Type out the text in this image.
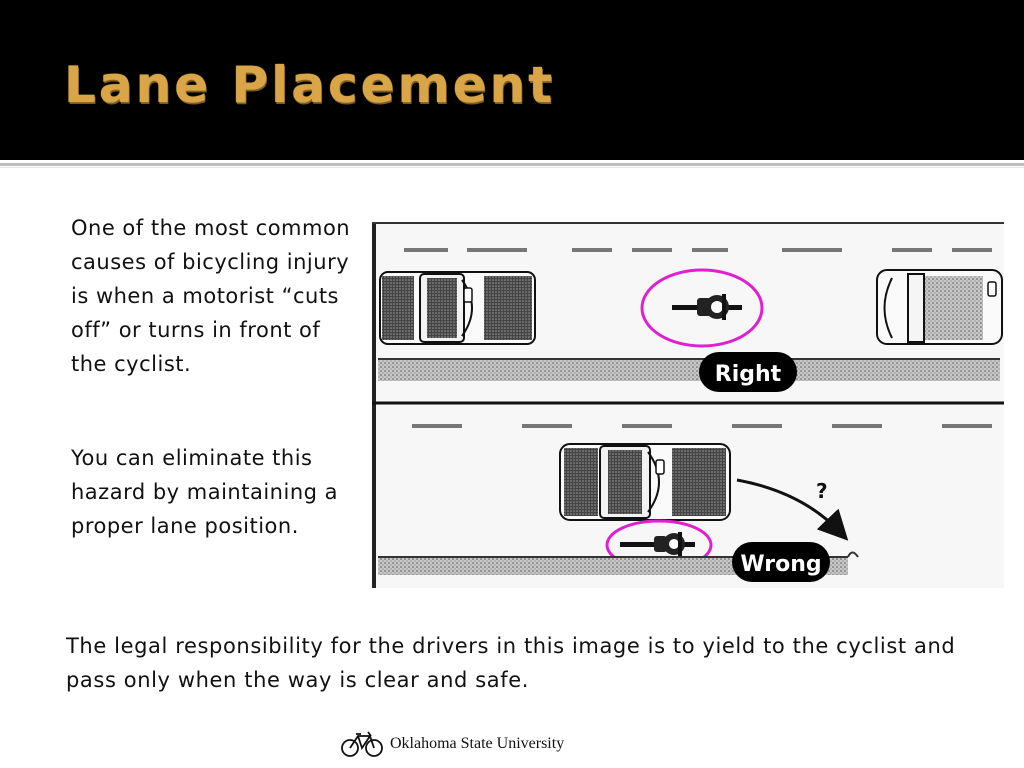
Lane Placement
One of the most common causes of bicycling injury is when a motorist “cuts off” or turns in front of the cyclist.
You can eliminate this hazard by maintaining a proper lane position.
Right
?
Wrong
The legal responsibility for the drivers in this image is to yield to the cyclist and pass only when the way is clear and safe.
Oklahoma State University
